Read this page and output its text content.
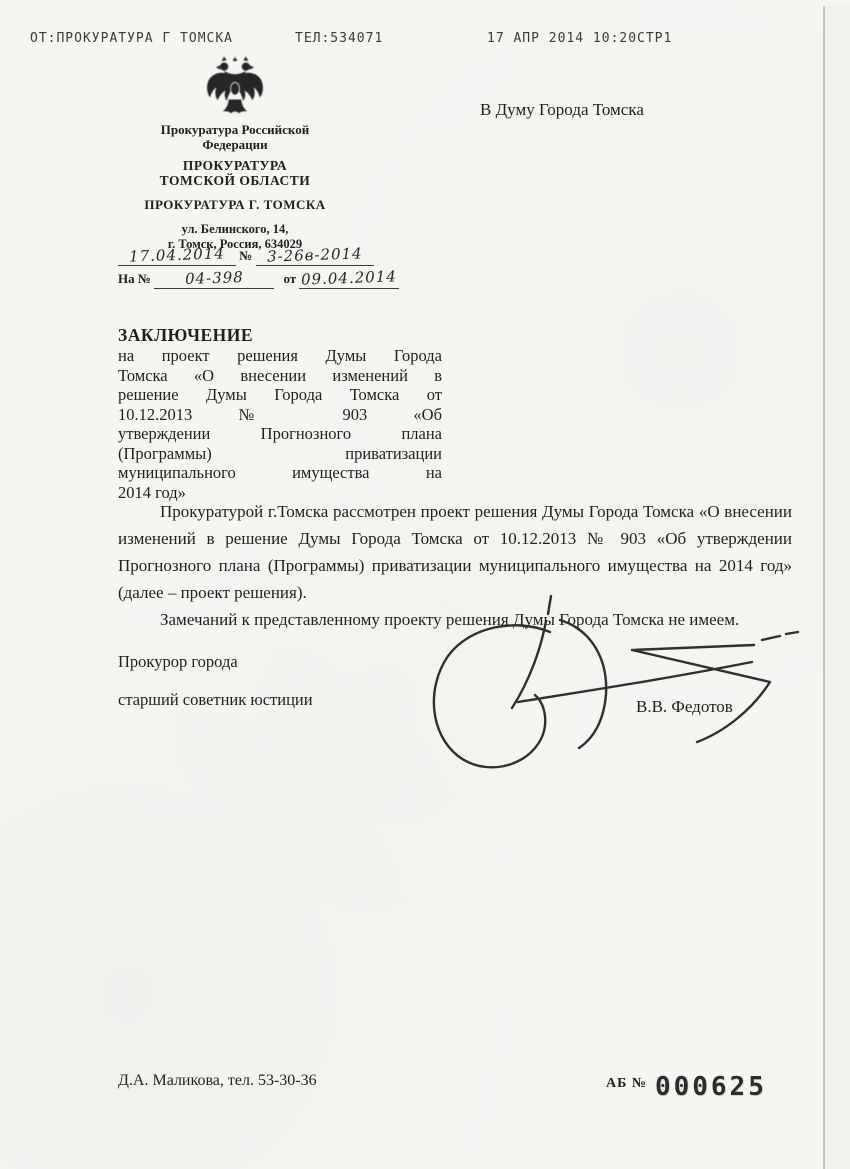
ОТ:ПРОКУРАТУРА Г ТОМСКА	ТЕЛ:534071	17 АПР 2014 10:20 СТР1
Прокуратура Российской
Федерации
ПРОКУРАТУРА
ТОМСКОЙ ОБЛАСТИ
ПРОКУРАТУРА Г. ТОМСКА
ул. Белинского, 14,
г. Томск, Россия, 634029
17.04.2014 № 3-26в-2014
На № 04-398	от 09.04.2014
В Думу Города Томска
ЗАКЛЮЧЕНИЕ
на проект решения Думы Города
Томска «О внесении изменений в
решение Думы Города Томска от
10.12.2013 № 903 «Об
утверждении Прогнозного плана
(Программы) приватизации
муниципального имущества на
2014 год»

Прокуратурой г.Томска рассмотрен проект решения Думы Города Томска «О внесении изменений в решение Думы Города Томска от 10.12.2013 № 903 «Об утверждении Прогнозного плана (Программы) приватизации муниципального имущества на 2014 год» (далее – проект решения).

Замечаний к представленному проекту решения Думы Города Томска не имеем.

Прокурор города
старший советник юстиции	В.В. Федотов
Д.А. Маликова, тел. 53-30-36	АБ № 000625
